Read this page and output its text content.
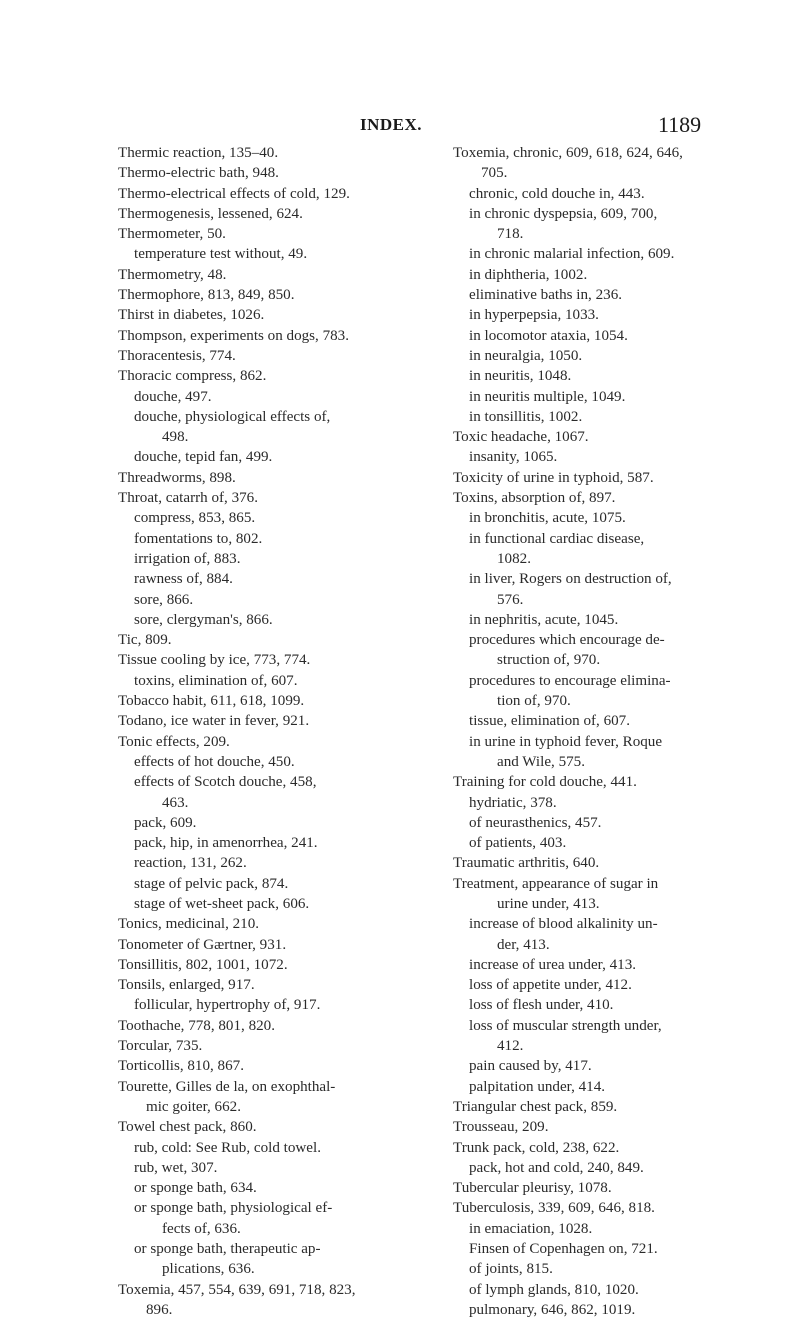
INDEX.	1189
Thermic reaction, 135–40.
Thermo-electric bath, 948.
Thermo-electrical effects of cold, 129.
Thermogenesis, lessened, 624.
Thermometer, 50.
temperature test without, 49.
Thermometry, 48.
Thermophore, 813, 849, 850.
Thirst in diabetes, 1026.
Thompson, experiments on dogs, 783.
Thoracentesis, 774.
Thoracic compress, 862.
douche, 497.
douche, physiological effects of,
498.
douche, tepid fan, 499.
Threadworms, 898.
Throat, catarrh of, 376.
compress, 853, 865.
fomentations to, 802.
irrigation of, 883.
rawness of, 884.
sore, 866.
sore, clergyman's, 866.
Tic, 809.
Tissue cooling by ice, 773, 774.
toxins, elimination of, 607.
Tobacco habit, 611, 618, 1099.
Todano, ice water in fever, 921.
Tonic effects, 209.
effects of hot douche, 450.
effects of Scotch douche, 458,
463.
pack, 609.
pack, hip, in amenorrhea, 241.
reaction, 131, 262.
stage of pelvic pack, 874.
stage of wet-sheet pack, 606.
Tonics, medicinal, 210.
Tonometer of Gærtner, 931.
Tonsillitis, 802, 1001, 1072.
Tonsils, enlarged, 917.
follicular, hypertrophy of, 917.
Toothache, 778, 801, 820.
Torcular, 735.
Torticollis, 810, 867.
Tourette, Gilles de la, on exophthal-
mic goiter, 662.
Towel chest pack, 860.
rub, cold: See Rub, cold towel.
rub, wet, 307.
or sponge bath, 634.
or sponge bath, physiological ef-
fects of, 636.
or sponge bath, therapeutic ap-
plications, 636.
Toxemia, 457, 554, 639, 691, 718, 823,
896.
Toxemia, chronic, 609, 618, 624, 646,
705.
chronic, cold douche in, 443.
in chronic dyspepsia, 609, 700,
718.
in chronic malarial infection, 609.
in diphtheria, 1002.
eliminative baths in, 236.
in hyperpepsia, 1033.
in locomotor ataxia, 1054.
in neuralgia, 1050.
in neuritis, 1048.
in neuritis multiple, 1049.
in tonsillitis, 1002.
Toxic headache, 1067.
insanity, 1065.
Toxicity of urine in typhoid, 587.
Toxins, absorption of, 897.
in bronchitis, acute, 1075.
in functional cardiac disease,
1082.
in liver, Rogers on destruction of,
576.
in nephritis, acute, 1045.
procedures which encourage de-
struction of, 970.
procedures to encourage elimina-
tion of, 970.
tissue, elimination of, 607.
in urine in typhoid fever, Roque
and Wile, 575.
Training for cold douche, 441.
hydriatic, 378.
of neurasthenics, 457.
of patients, 403.
Traumatic arthritis, 640.
Treatment, appearance of sugar in
urine under, 413.
increase of blood alkalinity un-
der, 413.
increase of urea under, 413.
loss of appetite under, 412.
loss of flesh under, 410.
loss of muscular strength under,
412.
pain caused by, 417.
palpitation under, 414.
Triangular chest pack, 859.
Trousseau, 209.
Trunk pack, cold, 238, 622.
pack, hot and cold, 240, 849.
Tubercular pleurisy, 1078.
Tuberculosis, 339, 609, 646, 818.
in emaciation, 1028.
Finsen of Copenhagen on, 721.
of joints, 815.
of lymph glands, 810, 1020.
pulmonary, 646, 862, 1019.
